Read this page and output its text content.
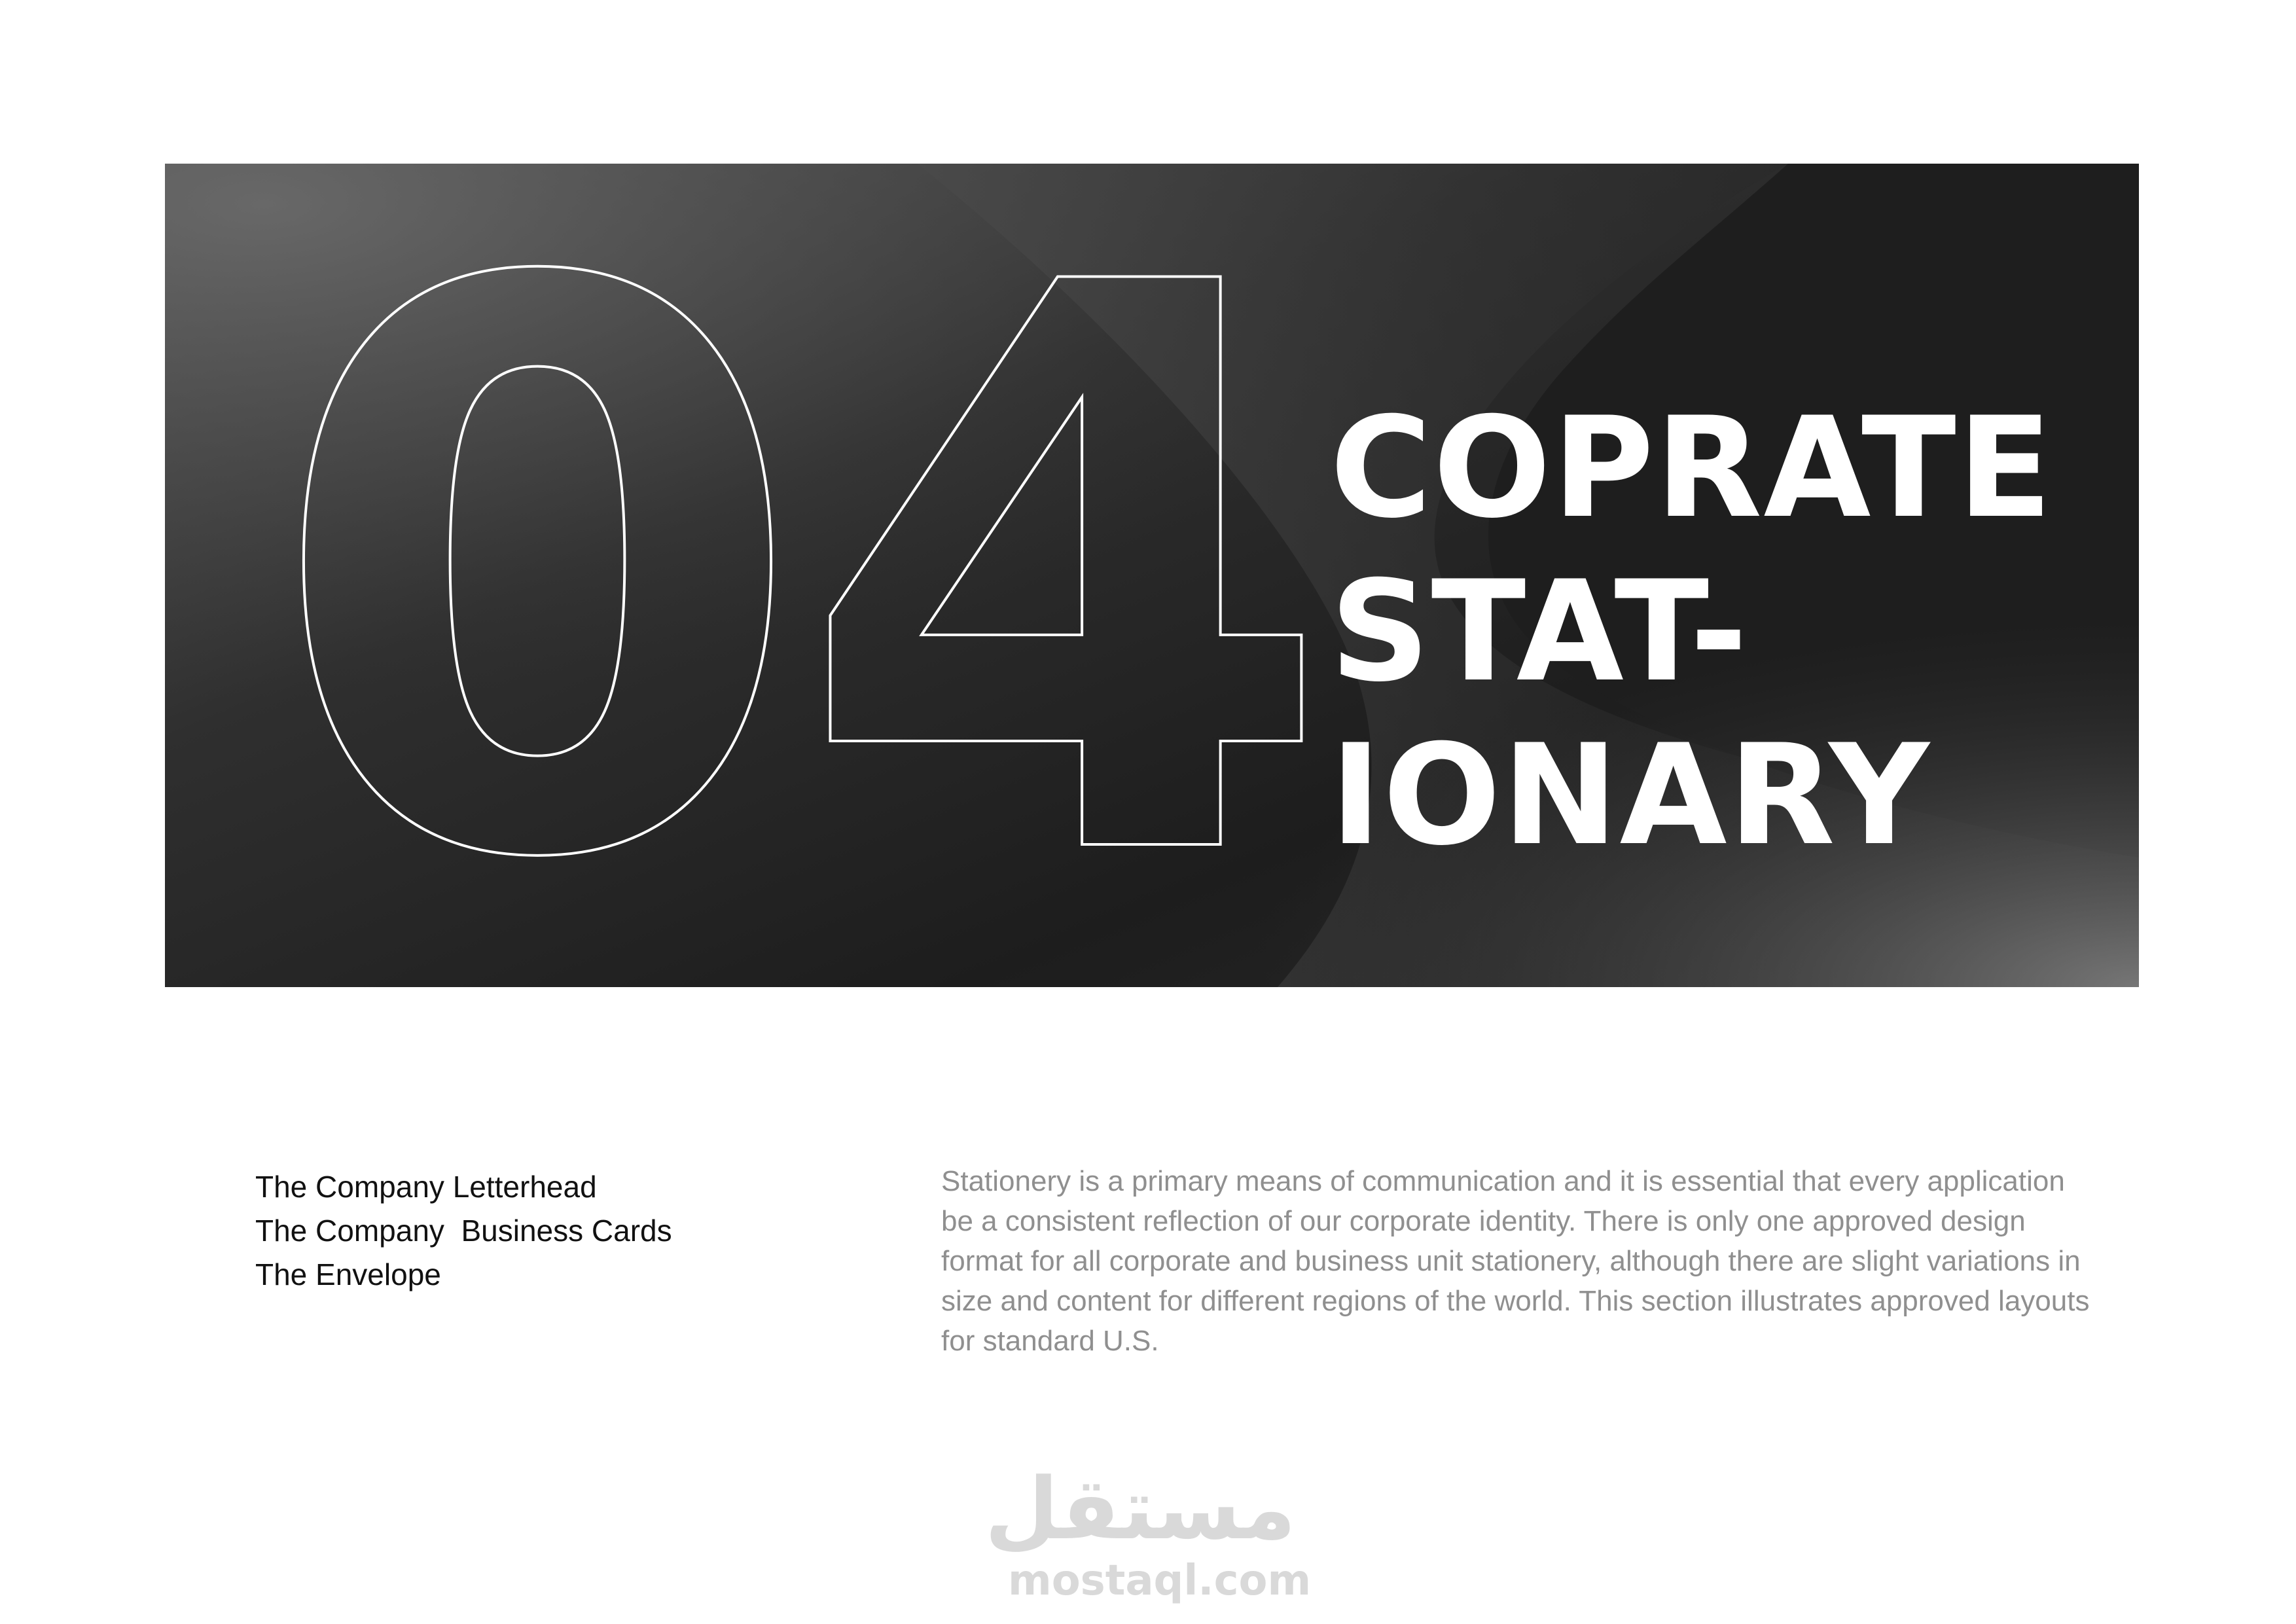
04 COPRATE
STAT-
IONARY
The Company Letterhead
The Company  Business Cards
The Envelope

Stationery is a primary means of communication and it is essential that every application be a consistent reflection of our corporate identity. There is only one approved design format for all corporate and business unit stationery, although there are slight variations in size and content for different regions of the world. This section illustrates approved layouts for standard U.S.

مستقل
mostaql.com
